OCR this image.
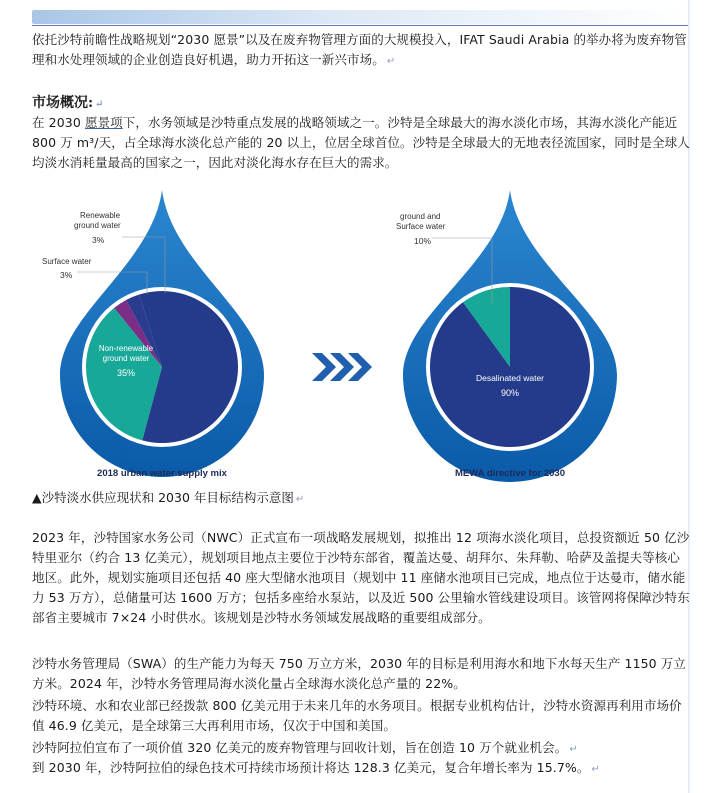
依托沙特前瞻性战略规划“2030 愿景”以及在废弃物管理方面的大规模投入，IFAT Saudi Arabia 的举办将为废弃物管理和水处理领域的企业创造良好机遇，助力开拓这一新兴市场。 ↵

市场概况: ↵

在 2030 愿景项下，水务领域是沙特重点发展的战略领域之一。沙特是全球最大的海水淡化市场，其海水淡化产能近 800 万 m³/天，占全球海水淡化总产能的 20 以上，位居全球首位。沙特是全球最大的无地表径流国家，同时是全球人均淡水消耗量最高的国家之一，因此对淡化海水存在巨大的需求。

Renewable
ground water
3%
Surface water
3%
Non-renewable
ground water
35%
2018 urban water supply mix
ground and
Surface water
10%
Desalinated water
90%
MEWA directive for 2030

▲沙特淡水供应现状和 2030 年目标结构示意图 ↵

2023 年，沙特国家水务公司（NWC）正式宣布一项战略发展规划，拟推出 12 项海水淡化项目，总投资额近 50 亿沙特里亚尔（约合 13 亿美元），规划项目地点主要位于沙特东部省，覆盖达曼、胡拜尔、朱拜勒、哈萨及盖提夫等核心地区。此外，规划实施项目还包括 40 座大型储水池项目（规划中 11 座储水池项目已完成，地点位于达曼市，储水能力 53 万方），总储量可达 1600 万方；包括多座给水泵站，以及近 500 公里输水管线建设项目。该管网将保障沙特东部省主要城市 7×24 小时供水。该规划是沙特水务领域发展战略的重要组成部分。

沙特水务管理局（SWA）的生产能力为每天 750 万立方米，2030 年的目标是利用海水和地下水每天生产 1150 万立方米。2024 年，沙特水务管理局海水淡化量占全球海水淡化总产量的 22%。

沙特环境、水和农业部已经拨款 800 亿美元用于未来几年的水务项目。根据专业机构估计，沙特水资源再利用市场价值 46.9 亿美元，是全球第三大再利用市场，仅次于中国和美国。

沙特阿拉伯宣布了一项价值 320 亿美元的废弃物管理与回收计划，旨在创造 10 万个就业机会。 ↵

到 2030 年，沙特阿拉伯的绿色技术可持续市场预计将达 128.3 亿美元，复合年增长率为 15.7%。 ↵
